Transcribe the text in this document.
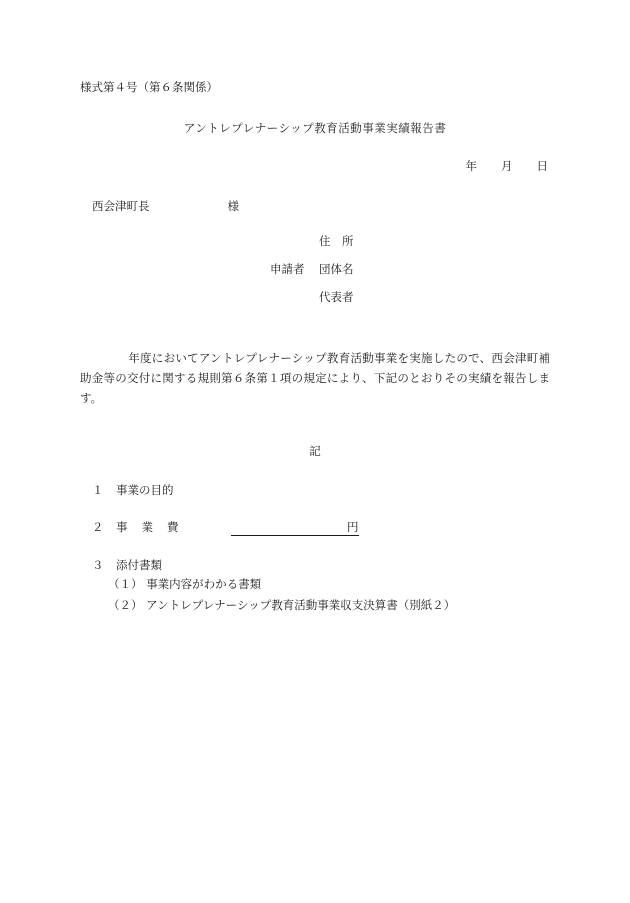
様式第４号（第６条関係）
アントレプレナーシップ教育活動事業実績報告書
年 月 日
西会津町長	様
住　所
申請者 団体名
代表者
年度においてアントレプレナーシップ教育活動事業を実施したので、西会津町補助金等の交付に関する規則第６条第１項の規定により、下記のとおりその実績を報告します。
記
１ 事業の目的
２ 事業費	円
３ 添付書類
（１） 事業内容がわかる書類
（２） アントレプレナーシップ教育活動事業収支決算書（別紙２）
